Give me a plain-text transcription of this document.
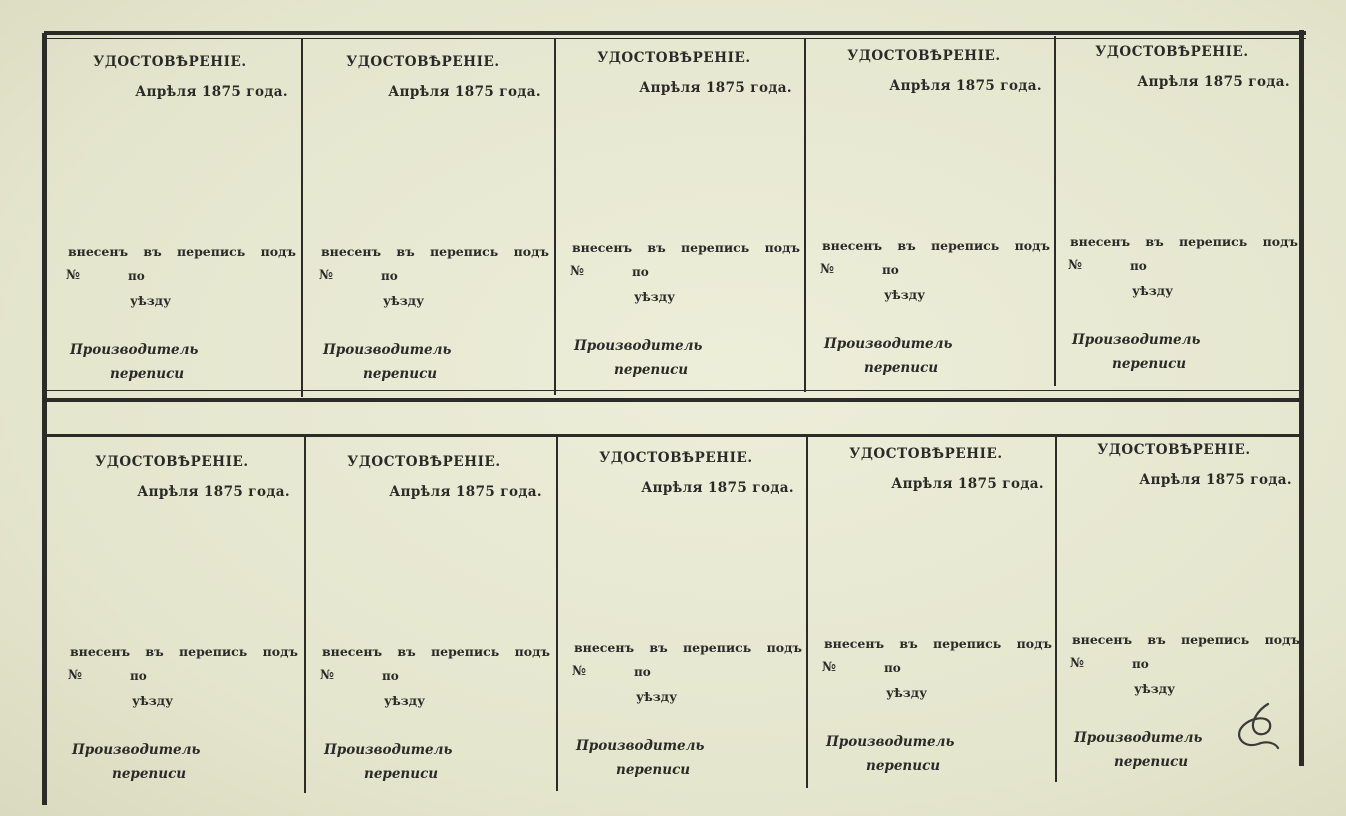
УДОСТОВѢРЕНIЕ.
Апрѣля 1875 года.
внесенъ въ перепись подъ
№	по
уѣзду
Производитель
переписи
УДОСТОВѢРЕНIЕ.
Апрѣля 1875 года.
внесенъ въ перепись подъ
№	по
уѣзду
Производитель
переписи
УДОСТОВѢРЕНIЕ.
Апрѣля 1875 года.
внесенъ въ перепись подъ
№	по
уѣзду
Производитель
переписи
УДОСТОВѢРЕНIЕ.
Апрѣля 1875 года.
внесенъ въ перепись подъ
№	по
уѣзду
Производитель
переписи
УДОСТОВѢРЕНIЕ.
Апрѣля 1875 года.
внесенъ въ перепись подъ
№	по
уѣзду
Производитель
переписи
УДОСТОВѢРЕНIЕ.
Апрѣля 1875 года.
внесенъ въ перепись подъ
№	по
уѣзду
Производитель
переписи
УДОСТОВѢРЕНIЕ.
Апрѣля 1875 года.
внесенъ въ перепись подъ
№	по
уѣзду
Производитель
переписи
УДОСТОВѢРЕНIЕ.
Апрѣля 1875 года.
внесенъ въ перепись подъ
№	по
уѣзду
Производитель
переписи
УДОСТОВѢРЕНIЕ.
Апрѣля 1875 года.
внесенъ въ перепись подъ
№	по
уѣзду
Производитель
переписи
УДОСТОВѢРЕНIЕ.
Апрѣля 1875 года.
внесенъ въ перепись подъ
№	по
уѣзду
Производитель
переписи
